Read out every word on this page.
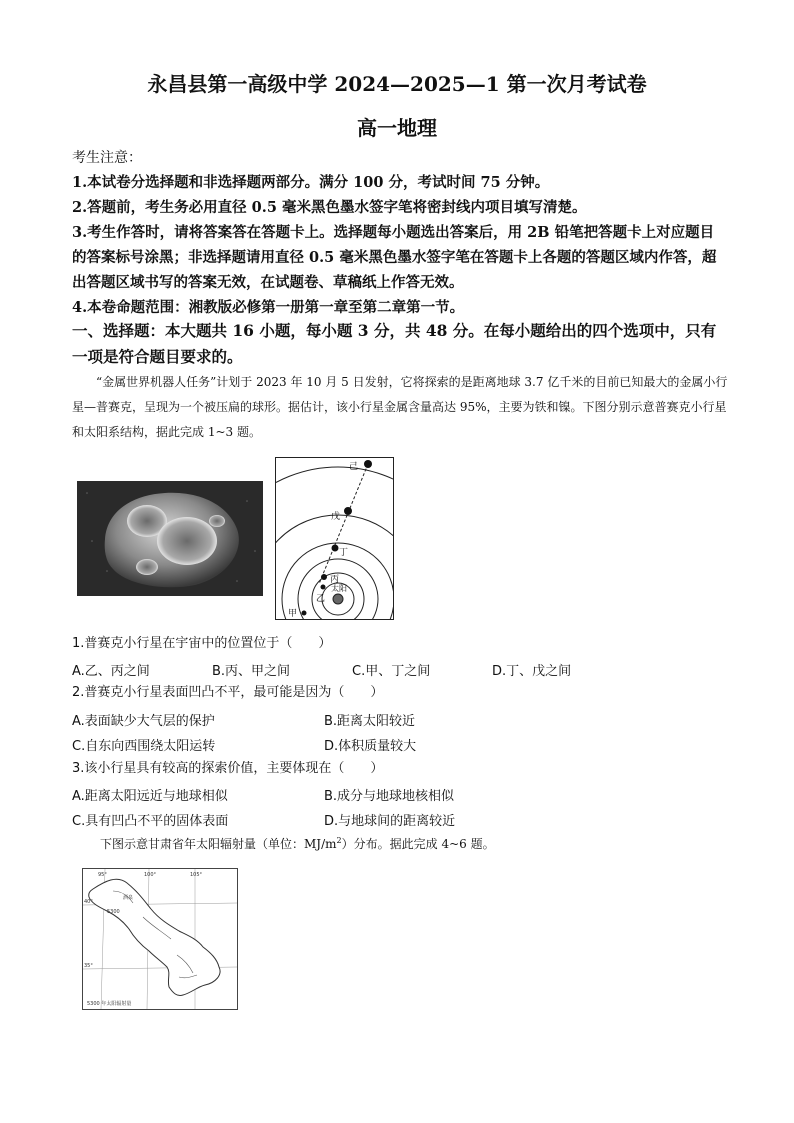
永昌县第一高级中学 2024—2025—1 第一次月考试卷
高一地理
考生注意：
1.本试卷分选择题和非选择题两部分。满分 100 分，考试时间 75 分钟。
2.答题前，考生务必用直径 0.5 毫米黑色墨水签字笔将密封线内项目填写清楚。
3.考生作答时，请将答案答在答题卡上。选择题每小题选出答案后，用 2B 铅笔把答题卡上对应题目的答案标号涂黑；非选择题请用直径 0.5 毫米黑色墨水签字笔在答题卡上各题的答题区域内作答，超出答题区域书写的答案无效，在试题卷、草稿纸上作答无效。
4.本卷命题范围：湘教版必修第一册第一章至第二章第一节。
一、选择题：本大题共 16 小题，每小题 3 分，共 48 分。在每小题给出的四个选项中，只有一项是符合题目要求的。
“金属世界机器人任务”计划于 2023 年 10 月 5 日发射，它将探索的是距离地球 3.7 亿千米的目前已知最大的金属小行星—普赛克，呈现为一个被压扁的球形。据估计，该小行星金属含量高达 95%，主要为铁和镍。下图分别示意普赛克小行星和太阳系结构，据此完成 1~3 题。
己
戊
丁
丙
乙
太阳
甲
1.普赛克小行星在宇宙中的位置位于（　　）
A.乙、丙之间	B.丙、甲之间	C.甲、丁之间	D.丁、戊之间
2.普赛克小行星表面凹凸不平，最可能是因为（　　）
A.表面缺少大气层的保护	B.距离太阳较近
C.自东向西围绕太阳运转	D.体积质量较大
3.该小行星具有较高的探索价值，主要体现在（　　）
A.距离太阳远近与地球相似	B.成分与地球地核相似
C.具有凹凸不平的固体表面	D.与地球间的距离较近
下图示意甘肃省年太阳辐射量（单位：$MJ/m^2$）分布。据此完成 4~6 题。
95°	100°	105°
40°
35°
酒泉
5300
5300 年太阳辐射量
